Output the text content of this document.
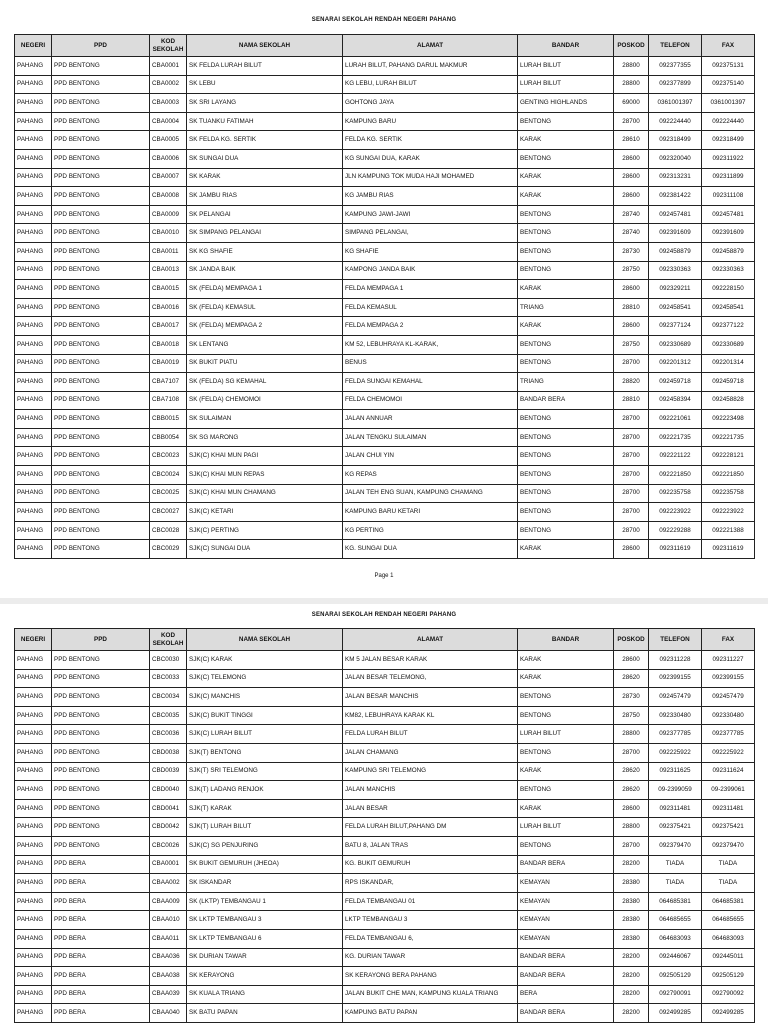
SENARAI SEKOLAH RENDAH NEGERI PAHANG
NEGERI	PPD	KOD SEKOLAH	NAMA SEKOLAH	ALAMAT	BANDAR	POSKOD	TELEFON	FAX
PAHANG	PPD BENTONG	CBA0001	SK FELDA LURAH BILUT	LURAH BILUT, PAHANG DARUL MAKMUR	LURAH BILUT	28800	092377355	092375131
PAHANG	PPD BENTONG	CBA0002	SK LEBU	KG LEBU, LURAH BILUT	LURAH BILUT	28800	092377899	092375140
PAHANG	PPD BENTONG	CBA0003	SK SRI LAYANG	GOHTONG JAYA	GENTING HIGHLANDS	69000	0361001397	0361001397
PAHANG	PPD BENTONG	CBA0004	SK TUANKU FATIMAH	KAMPUNG BARU	BENTONG	28700	092224440	092224440
PAHANG	PPD BENTONG	CBA0005	SK FELDA KG. SERTIK	FELDA KG. SERTIK	KARAK	28610	092318499	092318499
PAHANG	PPD BENTONG	CBA0006	SK SUNGAI DUA	KG SUNGAI DUA, KARAK	BENTONG	28600	092320040	092311922
PAHANG	PPD BENTONG	CBA0007	SK KARAK	JLN KAMPUNG TOK MUDA HAJI MOHAMED	KARAK	28600	092313231	092311899
PAHANG	PPD BENTONG	CBA0008	SK JAMBU RIAS	KG JAMBU RIAS	KARAK	28600	092381422	092311108
PAHANG	PPD BENTONG	CBA0009	SK PELANGAI	KAMPUNG JAWI-JAWI	BENTONG	28740	092457481	092457481
PAHANG	PPD BENTONG	CBA0010	SK SIMPANG PELANGAI	SIMPANG PELANGAI,	BENTONG	28740	092391609	092391609
PAHANG	PPD BENTONG	CBA0011	SK KG SHAFIE	KG SHAFIE	BENTONG	28730	092458879	092458879
PAHANG	PPD BENTONG	CBA0013	SK JANDA BAIK	KAMPONG JANDA BAIK	BENTONG	28750	092330363	092330363
PAHANG	PPD BENTONG	CBA0015	SK (FELDA) MEMPAGA 1	FELDA MEMPAGA 1	KARAK	28600	092329211	092228150
PAHANG	PPD BENTONG	CBA0016	SK (FELDA) KEMASUL	FELDA KEMASUL	TRIANG	28810	092458541	092458541
PAHANG	PPD BENTONG	CBA0017	SK (FELDA) MEMPAGA 2	FELDA MEMPAGA 2	KARAK	28600	092377124	092377122
PAHANG	PPD BENTONG	CBA0018	SK LENTANG	KM 52, LEBUHRAYA KL-KARAK,	BENTONG	28750	092330689	092330689
PAHANG	PPD BENTONG	CBA0019	SK BUKIT PIATU	BENUS	BENTONG	28700	092201312	092201314
PAHANG	PPD BENTONG	CBA7107	SK (FELDA) SG KEMAHAL	FELDA SUNGAI KEMAHAL	TRIANG	28820	092459718	092459718
PAHANG	PPD BENTONG	CBA7108	SK (FELDA) CHEMOMOI	FELDA CHEMOMOI	BANDAR BERA	28810	092458394	092458828
PAHANG	PPD BENTONG	CBB0015	SK SULAIMAN	JALAN ANNUAR	BENTONG	28700	092221061	092223498
PAHANG	PPD BENTONG	CBB0054	SK SG MARONG	JALAN TENGKU SULAIMAN	BENTONG	28700	092221735	092221735
PAHANG	PPD BENTONG	CBC0023	SJK(C) KHAI MUN PAGI	JALAN CHUI YIN	BENTONG	28700	092221122	092228121
PAHANG	PPD BENTONG	CBC0024	SJK(C) KHAI MUN REPAS	KG REPAS	BENTONG	28700	092221850	092221850
PAHANG	PPD BENTONG	CBC0025	SJK(C) KHAI MUN CHAMANG	JALAN TEH ENG SUAN, KAMPUNG CHAMANG	BENTONG	28700	092235758	092235758
PAHANG	PPD BENTONG	CBC0027	SJK(C) KETARI	KAMPUNG BARU KETARI	BENTONG	28700	092223922	092223922
PAHANG	PPD BENTONG	CBC0028	SJK(C) PERTING	KG PERTING	BENTONG	28700	092229288	092221388
PAHANG	PPD BENTONG	CBC0029	SJK(C) SUNGAI DUA	KG. SUNGAI DUA	KARAK	28600	092311619	092311619
Page 1
SENARAI SEKOLAH RENDAH NEGERI PAHANG
NEGERI	PPD	KOD SEKOLAH	NAMA SEKOLAH	ALAMAT	BANDAR	POSKOD	TELEFON	FAX
PAHANG	PPD BENTONG	CBC0030	SJK(C) KARAK	KM 5 JALAN BESAR KARAK	KARAK	28600	092311228	092311227
PAHANG	PPD BENTONG	CBC0033	SJK(C) TELEMONG	JALAN BESAR TELEMONG,	KARAK	28620	092399155	092399155
PAHANG	PPD BENTONG	CBC0034	SJK(C) MANCHIS	JALAN BESAR MANCHIS	BENTONG	28730	092457479	092457479
PAHANG	PPD BENTONG	CBC0035	SJK(C) BUKIT TINGGI	KM82, LEBUHRAYA KARAK KL	BENTONG	28750	092330480	092330480
PAHANG	PPD BENTONG	CBC0036	SJK(C) LURAH BILUT	FELDA LURAH BILUT	LURAH BILUT	28800	092377785	092377785
PAHANG	PPD BENTONG	CBD0038	SJK(T) BENTONG	JALAN CHAMANG	BENTONG	28700	092225922	092225922
PAHANG	PPD BENTONG	CBD0039	SJK(T) SRI TELEMONG	KAMPUNG SRI TELEMONG	KARAK	28620	092311625	092311624
PAHANG	PPD BENTONG	CBD0040	SJK(T) LADANG RENJOK	JALAN MANCHIS	BENTONG	28620	09-2399059	09-2399061
PAHANG	PPD BENTONG	CBD0041	SJK(T) KARAK	JALAN BESAR	KARAK	28600	092311481	092311481
PAHANG	PPD BENTONG	CBD0042	SJK(T) LURAH BILUT	FELDA LURAH BILUT,PAHANG DM	LURAH BILUT	28800	092375421	092375421
PAHANG	PPD BENTONG	CBC0026	SJK(C) SG PENJURING	BATU 8, JALAN TRAS	BENTONG	28700	092379470	092379470
PAHANG	PPD BERA	CBA0001	SK BUKIT GEMURUH (JHEOA)	KG. BUKIT GEMURUH	BANDAR BERA	28200	TIADA	TIADA
PAHANG	PPD BERA	CBAA002	SK ISKANDAR	RPS ISKANDAR,	KEMAYAN	28380	TIADA	TIADA
PAHANG	PPD BERA	CBAA009	SK (LKTP) TEMBANGAU 1	FELDA TEMBANGAU 01	KEMAYAN	28380	064685381	064685381
PAHANG	PPD BERA	CBAA010	SK LKTP TEMBANGAU 3	LKTP TEMBANGAU 3	KEMAYAN	28380	064685655	064685655
PAHANG	PPD BERA	CBAA011	SK LKTP TEMBANGAU 6	FELDA TEMBANGAU 6,	KEMAYAN	28380	064683093	064683093
PAHANG	PPD BERA	CBAA036	SK DURIAN TAWAR	KG. DURIAN TAWAR	BANDAR BERA	28200	092446067	092445011
PAHANG	PPD BERA	CBAA038	SK KERAYONG	SK KERAYONG BERA PAHANG	BANDAR BERA	28200	092505129	092505129
PAHANG	PPD BERA	CBAA039	SK KUALA TRIANG	JALAN BUKIT CHE MAN, KAMPUNG KUALA TRIANG	BERA	28200	092790091	092790092
PAHANG	PPD BERA	CBAA040	SK BATU PAPAN	KAMPUNG BATU PAPAN	BANDAR BERA	28200	092499285	092499285
